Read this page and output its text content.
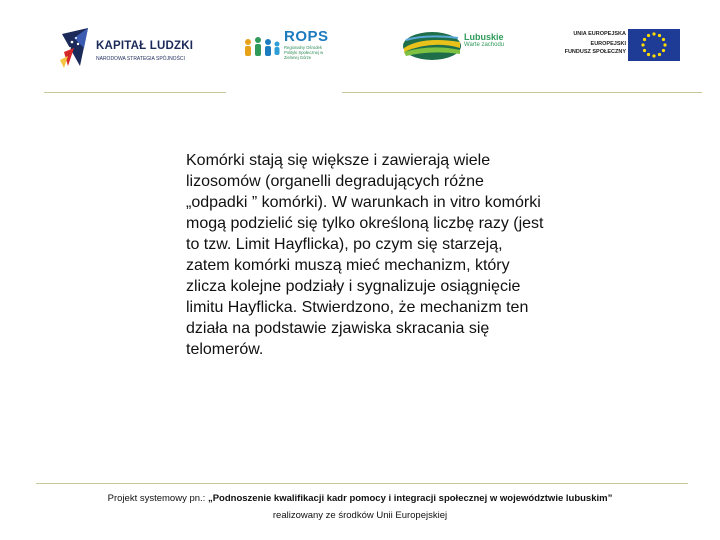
KAPITAŁ LUDZKI
NARODOWA STRATEGIA SPÓJNOŚCI
ROPS
Regionalny Ośrodek Polityki Społecznej w Zielonej Górze
Lubuskie
Warte zachodu
UNIA EUROPEJSKA
EUROPEJSKI
FUNDUSZ SPOŁECZNY
Komórki stają się większe i zawierają wiele lizosomów (organelli degradujących różne „odpadki ” komórki). W warunkach in vitro komórki mogą podzielić się tylko określoną liczbę razy (jest to tzw. Limit Hayflicka), po czym się starzeją, zatem komórki muszą mieć mechanizm, który zlicza kolejne podziały i sygnalizuje osiągnięcie limitu Hayflicka. Stwierdzono, że mechanizm ten działa na podstawie zjawiska skracania się telomerów.
Projekt systemowy pn.: „Podnoszenie kwalifikacji kadr pomocy i integracji społecznej w województwie lubuskim”
realizowany ze środków Unii Europejskiej
